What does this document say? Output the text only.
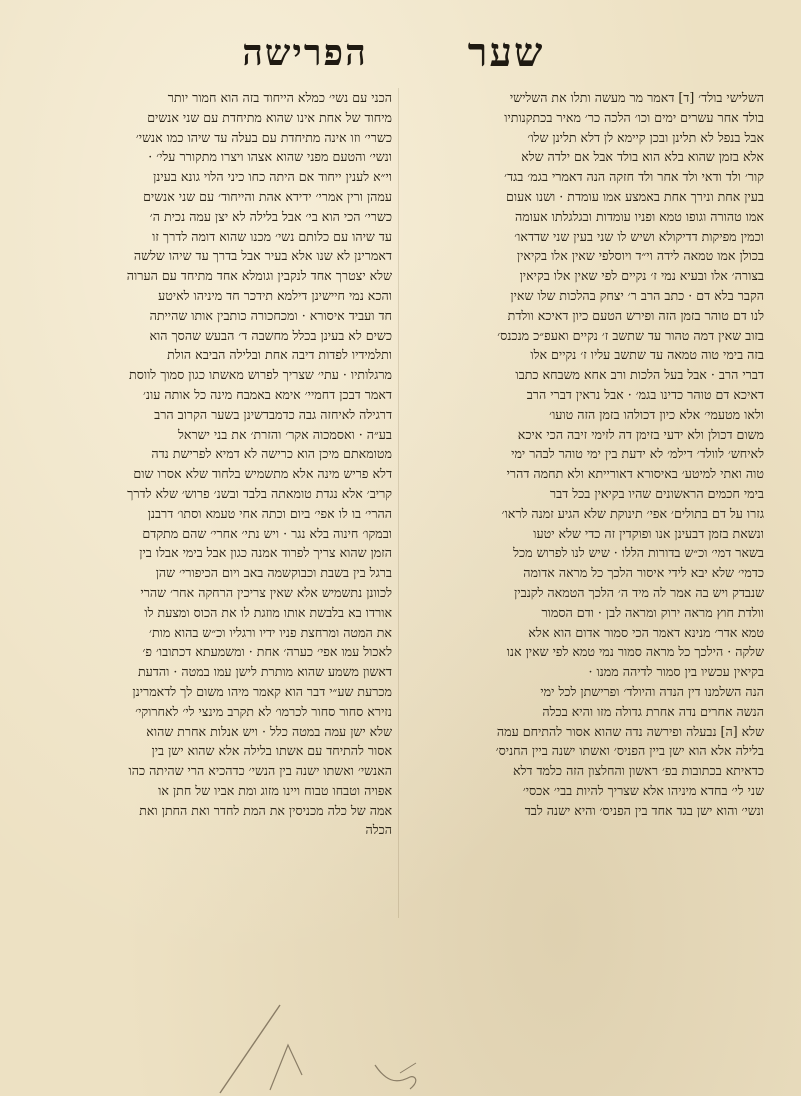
שער
הפרישה
השלישי בולד׳ [ד] דאמר מר מעשה ותלו את השלישי
בולד אחר עשרים ימים וכו׳ הלכה כר׳ מאיר בכתקנותיו
אבל בנפל לא תלינן ובכן קיימא לן דלא תלינן שלו׳
אלא בזמן שהוא בלא הוא בולד אבל אם ילדה שלא
קור׳ ולד ודאי ולד אחר ולד חזקה הנה דאמרי בגמ׳ בגד׳
בעין אחת ונירך אחת באמצע אמו עומדת · ושנו אעום
אמו טהורה וגופו טמא ופניו עומדות ובגלגלתו אעומה
וכמין מפיקות דדיקולא ושיש לו שני בעין שני שדדאו׳
בכולן אמו טמאה לידה וי״ד ויוסלפי שאין אלו בקיאין
בצורה׳ אלו ובעיא נמי ז׳ נקיים לפי שאין אלו בקיאין
הקבר בלא דם · כתב הרב ר׳ יצחק בהלכות שלו שאין
לנו דם טוהר בזמן הזה ופירש הטעם כיון דאיכא וולדת
בזוב שאין דמה טהור עד שתשב ז׳ נקיים ואעפ״כ מנכנס׳
בזה בימי טוה טמאה עד שתשב עליו ז׳ נקיים אלו
דברי הרב · אבל בעל הלכות ורב אחא משבחא כתבו
דאיכא דם טוהר כדינו בגמ׳ · אבל נראין דברי הרב
ולאו מטעמי׳ אלא כיון דכולהו בזמן הזה טועו׳
משום דכולן ולא ידעי בזימן דה לזימי זיבה הכי איכא
לאיחש׳ לוולד׳ דילמ׳ לא ידעת בין ימי טוהר לבהר ימי
טוה ואתי למיטע׳ באיסורא דאורייתא ולא תחמה דהרי
בימי חכמים הראשונים שהיו בקיאין בכל דבר
גזרו על דם בתולים׳ אפי׳ תינוקת שלא הגיע זמנה לראו׳
ונשאת בזמן דבעינן אנו ופוקדין זה כדי שלא יטעו
בשאר דמי׳ וכ״ש בדורות הללו · שיש לנו לפרוש מכל
כדמי׳ שלא יבא לידי איסור הלכך כל מראה אדומה
שנבדק ויש בה אמר לה מיד ה׳ הלכך הטמאה לקנבין
וולדת חוץ מראה ירוק ומראה לבן · ודם הסמור
טמא אדר׳ מנינא דאמר הכי סמור אדום הוא אלא
שלקה · הילכך כל מראה סמור נמי טמא לפי שאין אנו
בקיאין עכשיו בין סמור לדיהה ממנו ·
הנה השלמנו דין הנדה והיולד׳ ופרישתן לכל ימי
הנשה אחרים נדה אחרת גדולה מזו והיא בכלה
שלא [ה] נבעלה ופירשה נדה שהוא אסור להתיחם עמה
בלילה אלא הוא ישן ביין הפניס׳ ואשתו ישנה ביין החניס׳
כדאיתא בכתובות בפ׳ ראשון והחלצון הזה כלמד דלא
שני לי׳ בחדא מיניהו אלא שצריך להיות בבי׳ אכסי׳
ונשי׳ והוא ישן בגד אחד בין הפניס׳ והיא ישנה לבד
הכני עם נשי׳ כמלא הייחוד בזה הוא חמור יותר
מיחוד של אחת אינו שהוא מתיחדת עם שני אנשים
כשרי׳ וזו אינה מתיחדת עם בעלה עד שיהו כמו אנשי׳
ונשי׳ והטעם מפני שהוא אצהו ויצרו מתקורר עלי׳ ·
וי״א לענין ייחוד אם היתה כחו כיני הלוי גונא בעינן
עמהן ורין אמרי׳ ידידא אהת והייחוד׳ עם שני אנשים
כשרי׳ הכי הוא בי׳ אבל בלילה לא יצן עמה נכית ה׳
עד שיהו עם כלותם נשי׳ מכנו שהוא דומה לדרך זו
דאמרינן לא שנו אלא בעיר אבל בדרך עד שיהו שלשה
שלא יצטרך אחד לנקבין וגומלא אחד מתיחד עם הערוה
והכא נמי חיישינן דילמא תידכר חד מיניהו לאיטע
חד ועביד איסורא · ומכחכורה כותבין אותו שהייתה
כשים לא בעינן בכלל מחשבה ד׳ הבעש שהסך הוא
ותלמידיו לפדות דיבה אחת ובלילה הביבא הולת
מרגלותיו · עתי׳ שצריך לפרוש מאשתו כגון סמוך לווסת
דאמר דבכן דחמיי׳ אימא באמבח מינה כל אותה עונ׳
דרגילה לאיחזה גבה כדמבדשינן בשער הקרוב הרב
בע״ה · ואסמכוה אקר׳ והזרת׳ את בני ישראל
מטומאתם מיכן הוא כרישה לא דמיא לפרישת נדה
דלא פריש מינה אלא מתשמיש בלחוד שלא אסרו שום
קריב׳ אלא נגדת טומאתה בלבד ובשנ׳ פרוש׳ שלא לדרך
ההרי׳ בו לו אפי׳ ביום וכתה אחי טעמא וסתו׳ דרבנן
ובמקו׳ חינוה בלא נגר · ויש נתי׳ אחרי׳ שהם מתקדם
הזמן שהוא צריך לפרוד אמנה כגון אבל בימי אבלו בין
ברגל בין בשבת וכבוקשמה באב ויום הכיפורי׳ שהן
לכוונן נתשמיש אלא שאין צריכין הרחקה אחר׳ שהרי
אורדו בא בלבשת אותו מוזגת לו את הכוס ומצעת לו
את המטה ומרחצת פניו ידיו ורגליו וכ״ש בהוא מות׳
לאכול עמו אפי׳ כערה׳ אחת · ומשמעתא דכתובו׳ פ׳
דאשון משמע שהוא מותרת לישן עמו במטה · והדעת
מכרעת שע״י דבר הוא קאמר מיהו משום לך לדאמרינן
נזירא סחור סחור לכרמו׳ לא תקרב מינצי לי׳ לאחרוקי׳
שלא ישן עמה במטה כלל · ויש אנלות אחרת שהוא
אסור להתיחד עם אשתו בלילה אלא שהוא ישן בין
האנשי׳ ואשתו ישנה בין הנשי׳ כדהכיא הרי שהיתה כהו
אפויה וטבחו טבוח ויינו מזוג ומת אביו של חתן או
אמה של כלה מכניסין את המת לחדר ואת החתן ואת
הכלה
